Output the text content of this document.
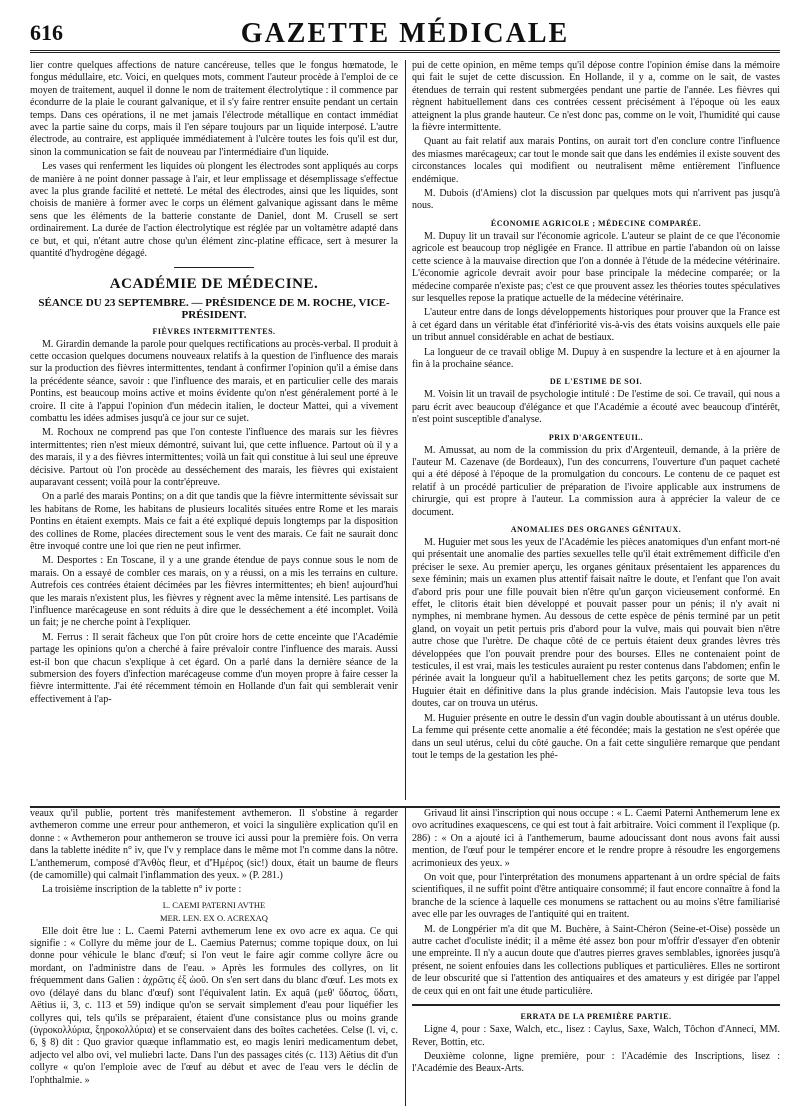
616	GAZETTE MÉDICALE

lier contre quelques affections de nature cancéreuse, telles que le fongus hœmatode, le fongus médullaire, etc. Voici, en quelques mots, comment l'auteur procède à l'emploi de ce moyen de traitement, auquel il donne le nom de traitement électrolytique : il commence par écondurre de la plaie le courant galvanique, et il s'y faire rentrer ensuite pendant un certain temps. Dans ces opérations, il ne met jamais l'électrode métallique en contact immédiat avec la partie saine du corps, mais il l'en sépare toujours par un liquide interposé. L'autre électrode, au contraire, est appliquée immédiatement à l'ulcère toutes les fois qu'il est dur, sinon la communication se fait de nouveau par l'intermédiaire d'un liquide.

Les vases qui renferment les liquides où plongent les électrodes sont appliqués au corps de manière à ne point donner passage à l'air, et leur emplissage et désemplissage s'effectue avec la plus grande facilité et netteté. Le métal des électrodes, ainsi que les liquides, sont choisis de manière à former avec le corps un élément galvanique agissant dans le même sens que les éléments de la batterie constante de Daniel, dont M. Crusell se sert ordinairement. La durée de l'action électrolytique est réglée par un voltamètre adapté dans ce but, et qui, n'étant autre chose qu'un élément zinc-platine efficace, sert à mesurer la quantité d'hydrogène dégagé.

ACADÉMIE DE MÉDECINE.
SÉANCE DU 23 SEPTEMBRE. — PRÉSIDENCE DE M. ROCHE, VICE-PRÉSIDENT.
FIÈVRES INTERMITTENTES.

M. Girardin demande la parole pour quelques rectifications au procès-verbal. Il produit à cette occasion quelques documens nouveaux relatifs à la question de l'influence des marais sur la production des fièvres intermittentes, tendant à confirmer l'opinion qu'il a émise dans la précédente séance, savoir : que l'influence des marais, et en particulier celle des marais Pontins, est beaucoup moins active et moins évidente qu'on n'est généralement porté à le croire. Il cite à l'appui l'opinion d'un médecin italien, le docteur Mattei, qui a vivement combattu les idées admises jusqu'à ce jour sur ce sujet.

M. Rochoux ne comprend pas que l'on conteste l'influence des marais sur les fièvres intermittentes; rien n'est mieux démontré, suivant lui, que cette influence. Partout où il y a des marais, il y a des fièvres intermittentes; voilà un fait qui constitue à lui seul une épreuve décisive. Partout où l'on procède au desséchement des marais, les fièvres qui existaient auparavant cessent; voilà pour la contr'épreuve.

On a parlé des marais Pontins; on a dit que tandis que la fièvre intermittente sévissait sur les habitans de Rome, les habitans de plusieurs localités situées entre Rome et les marais Pontins en étaient exempts. Mais ce fait a été expliqué depuis longtemps par la disposition des collines de Rome, placées directement sous le vent des marais. Ce fait ne saurait donc être invoqué contre une loi que rien ne peut infirmer.

M. Desportes : En Toscane, il y a une grande étendue de pays connue sous le nom de marais. On a essayé de combler ces marais, on y a réussi, on a mis les terrains en culture. Autrefois ces contrées étaient décimées par les fièvres intermittentes; eh bien! aujourd'hui que les marais n'existent plus, les fièvres y règnent avec la même intensité. Les partisans de l'influence marécageuse en sont réduits à dire que le desséchement a été incomplet. Voilà un fait; je ne cherche point à l'expliquer.

M. Ferrus : Il serait fâcheux que l'on pût croire hors de cette enceinte que l'Académie partage les opinions qu'on a cherché à faire prévaloir contre l'influence des marais. Aussi est-il bon que chacun s'explique à cet égard. On a parlé dans la dernière séance de la submersion des foyers d'infection marécageuse comme d'un moyen propre à faire cesser la fièvre intermittente. J'ai été récemment témoin en Hollande d'un fait qui semblerait venir effectivement à l'ap-

pui de cette opinion, en même temps qu'il dépose contre l'opinion émise dans la mémoire qui fait le sujet de cette discussion. En Hollande, il y a, comme on le sait, de vastes étendues de terrain qui restent submergées pendant une partie de l'année. Les fièvres qui règnent habituellement dans ces contrées cessent précisément à l'époque où les eaux atteignent la plus grande hauteur. Ce n'est donc pas, comme on le voit, l'humidité qui cause la fièvre intermittente.

Quant au fait relatif aux marais Pontins, on aurait tort d'en conclure contre l'influence des miasmes marécageux; car tout le monde sait que dans les endémies il existe souvent des circonstances locales qui modifient ou neutralisent même entièrement l'influence endémique.

M. Dubois (d'Amiens) clot la discussion par quelques mots qui n'arrivent pas jusqu'à nous.

ÉCONOMIE AGRICOLE ; MÉDECINE COMPARÉE.

M. Dupuy lit un travail sur l'économie agricole. L'auteur se plaint de ce que l'économie agricole est beaucoup trop négligée en France. Il attribue en partie l'abandon où on laisse cette science à la mauvaise direction que l'on a donnée à l'étude de la médecine vétérinaire. L'économie agricole devrait avoir pour base principale la médecine comparée; or la médecine comparée n'existe pas; c'est ce que prouvent assez les théories toutes spéculatives sur lesquelles repose la pratique actuelle de la médecine vétérinaire.

L'auteur entre dans de longs développements historiques pour prouver que la France est à cet égard dans un véritable état d'infériorité vis-à-vis des états voisins auxquels elle paie un tribut annuel considérable en achat de bestiaux.

La longueur de ce travail oblige M. Dupuy à en suspendre la lecture et à en ajourner la fin à la prochaine séance.

DE L'ESTIME DE SOI.

M. Voisin lit un travail de psychologie intitulé : De l'estime de soi. Ce travail, qui nous a paru écrit avec beaucoup d'élégance et que l'Académie a écouté avec beaucoup d'intérêt, n'est point susceptible d'analyse.

PRIX D'ARGENTEUIL.

M. Amussat, au nom de la commission du prix d'Argenteuil, demande, à la prière de l'auteur M. Cazenave (de Bordeaux), l'un des concurrens, l'ouverture d'un paquet cacheté qui a été déposé à l'époque de la promulgation du concours. Le contenu de ce paquet est relatif à un procédé particulier de préparation de l'ivoire applicable aux instrumens de chirurgie, qui est propre à l'auteur. La commission aura à apprécier la valeur de ce document.

ANOMALIES DES ORGANES GÉNITAUX.

M. Huguier met sous les yeux de l'Académie les pièces anatomiques d'un enfant mort-né qui présentait une anomalie des parties sexuelles telle qu'il était extrêmement difficile d'en préciser le sexe. Au premier aperçu, les organes génitaux présentaient les apparences du sexe féminin; mais un examen plus attentif faisait naître le doute, et l'enfant que l'on avait d'abord pris pour une fille pouvait bien n'être qu'un garçon vicieusement conformé. En effet, le clitoris était bien développé et pouvait passer pour un pénis; il n'y avait ni nymphes, ni membrane hymen. Au dessous de cette espèce de pénis terminé par un petit gland, on voyait un petit pertuis pris d'abord pour la vulve, mais qui pouvait bien n'être autre chose que l'urètre. De chaque côté de ce pertuis étaient deux grandes lèvres très développées que l'on pouvait prendre pour des bourses. Elles ne contenaient point de testicules, il est vrai, mais les testicules auraient pu rester contenus dans l'abdomen; enfin le périnée avait la longueur qu'il a habituellement chez les petits garçons; de sorte que M. Huguier était en définitive dans la plus grande indécision. Mais l'autopsie leva tous les doutes, car on trouva un utérus.

M. Huguier présente en outre le dessin d'un vagin double aboutissant à un utérus double. La femme qui présente cette anomalie a été fécondée; mais la gestation ne s'est opérée que dans un seul utérus, celui du côté gauche. On a fait cette singulière remarque que pendant tout le temps de la gestation les phé-

veaux qu'il publie, portent très manifestement avthemeron. Il s'obstine à regarder avthemeron comme une erreur pour anthemeron, et voici la singulière explication qu'il en donne : « Avthemeron pour anthemeron se trouve ici aussi pour la première fois. On verra dans la tablette inédite n° iv, que l'v y remplace dans le même mot l'n comme dans la nôtre. L'anthemerum, composé d'Ἀνθὸς fleur, et d'Ἡμέρος (sic!) doux, était un baume de fleurs (de camomille) qui calmait l'inflammation des yeux. » (P. 281.)

La troisième inscription de la tablette n° iv porte :

L. CAEMI PATERNI AVTHE

MER. LEN. EX O. ACREXAQ

Elle doit être lue : L. Caemi Paterni avthemerum lene ex ovo acre ex aqua. Ce qui signifie : « Collyre du même jour de L. Caemius Paternus; comme topique doux, on lui donne pour véhicule le blanc d'œuf; si l'on veut le faire agir comme collyre âcre ou mordant, on l'administre dans de l'eau. » Après les formules des collyres, on lit fréquemment dans Galien : ἀχρῶτις ἐξ ὠοῦ. On s'en sert dans du blanc d'œuf. Les mots ex ovo (délayé dans du blanc d'œuf) sont l'équivalent latin. Ex aquâ (μεθ' ὕδατος, ὕδατι, Aëtius ii, 3, c. 113 et 59) indique qu'on se servait simplement d'eau pour liquéfier les collyres qui, tels qu'ils se préparaient, étaient d'une consistance plus ou moins grande (ὑγροκολλύρια, ξηροκολλύρια) et se conservaient dans des boîtes cachetées. Celse (l. vi, c. 6, § 8) dit : Quo gravior quæque inflammatio est, eo magis leniri medicamentum debet, adjecto vel albo ovi, vel muliebri lacte. Dans l'un des passages cités (c. 113) Aëtius dit d'un collyre « qu'on l'emploie avec de l'œuf au début et avec de l'eau vers le déclin de l'ophthalmie. »

Grivaud lit ainsi l'inscription qui nous occupe : « L. Caemi Paterni Anthemerum lene ex ovo acritudines exaquescens, ce qui est tout à fait arbitraire. Voici comment il l'explique (p. 286) : « On a ajouté ici à l'anthemerum, baume adoucissant dont nous avons fait aussi mention, de l'œuf pour le tempérer encore et le rendre propre à résoudre les engorgemens acrimonieux des yeux. »

On voit que, pour l'interprétation des monumens appartenant à un ordre spécial de faits scientifiques, il ne suffit point d'être antiquaire consommé; il faut encore connaître à fond la branche de la science à laquelle ces monumens se rattachent ou au moins s'être familiarisé avec elle par les ouvrages de l'antiquité qui en traitent.

M. de Longpérier m'a dit que M. Buchère, à Saint-Chéron (Seine-et-Oise) possède un autre cachet d'oculiste inédit; il a même été assez bon pour m'offrir d'essayer d'en obtenir une empreinte. Il n'y a aucun doute que d'autres pierres graves semblables, ignorées jusqu'à présent, ne soient enfouies dans les collections publiques et particulières. Elles ne sortiront de leur obscurité que si l'attention des antiquaires et des amateurs y est dirigée par l'appel de ceux qui en ont fait une étude particulière.

ERRATA DE LA PREMIÈRE PARTIE.

Ligne 4, pour : Saxe, Walch, etc., lisez : Caylus, Saxe, Walch, Tôchon d'Annecí, MM. Rever, Bottin, etc.

Deuxième colonne, ligne première, pour : l'Académie des Inscriptions, lisez : l'Académie des Beaux-Arts.
